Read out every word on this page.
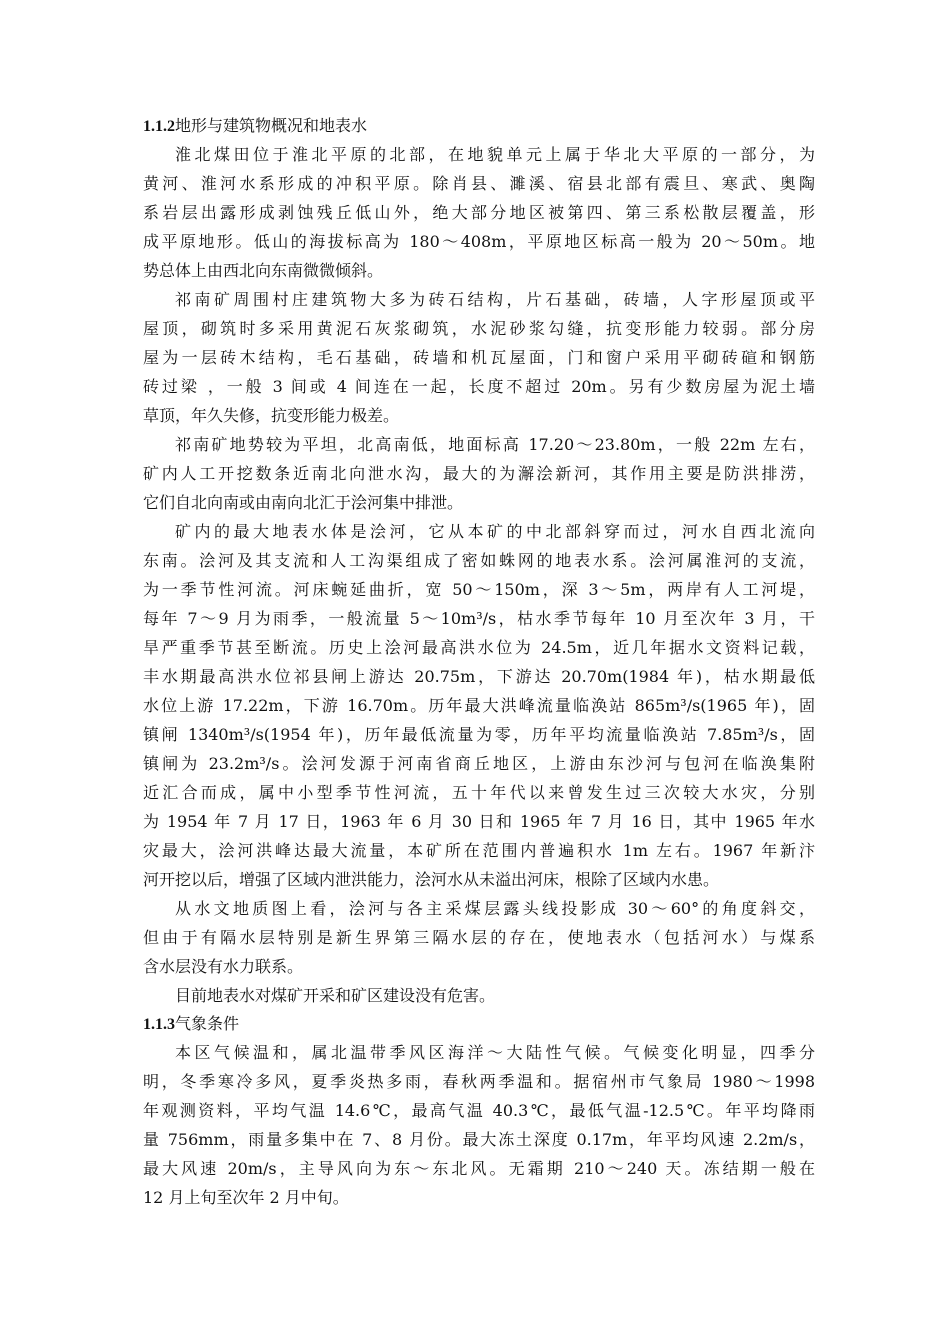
1.1.2地形与建筑物概况和地表水

淮北煤田位于淮北平原的北部，在地貌单元上属于华北大平原的一部分，为
黄河、淮河水系形成的冲积平原。除肖县、濉溪、宿县北部有震旦、寒武、奥陶
系岩层出露形成剥蚀残丘低山外，绝大部分地区被第四、第三系松散层覆盖，形
成平原地形。低山的海拔标高为 180～408m，平原地区标高一般为 20～50m。地
势总体上由西北向东南微微倾斜。

祁南矿周围村庄建筑物大多为砖石结构，片石基础，砖墙，人字形屋顶或平
屋顶，砌筑时多采用黄泥石灰浆砌筑，水泥砂浆勾缝，抗变形能力较弱。部分房
屋为一层砖木结构，毛石基础，砖墙和机瓦屋面，门和窗户采用平砌砖碹和钢筋
砖过梁 ，一般 3 间或 4 间连在一起，长度不超过 20m。另有少数房屋为泥土墙
草顶，年久失修，抗变形能力极差。

祁南矿地势较为平坦，北高南低，地面标高 17.20～23.80m，一般 22m 左右，
矿内人工开挖数条近南北向泄水沟，最大的为澥浍新河，其作用主要是防洪排涝，
它们自北向南或由南向北汇于浍河集中排泄。

矿内的最大地表水体是浍河，它从本矿的中北部斜穿而过，河水自西北流向
东南。浍河及其支流和人工沟渠组成了密如蛛网的地表水系。浍河属淮河的支流，
为一季节性河流。河床蜿延曲折，宽 50～150m，深 3～5m，两岸有人工河堤，
每年 7～9 月为雨季，一般流量 5～10m³/s，枯水季节每年 10 月至次年 3 月，干
旱严重季节甚至断流。历史上浍河最高洪水位为 24.5m，近几年据水文资料记载，
丰水期最高洪水位祁县闸上游达 20.75m，下游达 20.70m(1984 年)，枯水期最低
水位上游 17.22m，下游 16.70m。历年最大洪峰流量临涣站 865m³/s(1965 年)，固
镇闸 1340m³/s(1954 年)，历年最低流量为零，历年平均流量临涣站 7.85m³/s，固
镇闸为 23.2m³/s。浍河发源于河南省商丘地区，上游由东沙河与包河在临涣集附
近汇合而成，属中小型季节性河流，五十年代以来曾发生过三次较大水灾，分别
为 1954 年 7 月 17 日，1963 年 6 月 30 日和 1965 年 7 月 16 日，其中 1965 年水
灾最大，浍河洪峰达最大流量，本矿所在范围内普遍积水 1m 左右。1967 年新汴
河开挖以后，增强了区域内泄洪能力，浍河水从未溢出河床，根除了区域内水患。

从水文地质图上看，浍河与各主采煤层露头线投影成 30～60°的角度斜交，
但由于有隔水层特别是新生界第三隔水层的存在，使地表水（包括河水）与煤系
含水层没有水力联系。

目前地表水对煤矿开采和矿区建设没有危害。

1.1.3气象条件

本区气候温和，属北温带季风区海洋～大陆性气候。气候变化明显，四季分
明，冬季寒冷多风，夏季炎热多雨，春秋两季温和。据宿州市气象局 1980～1998
年观测资料，平均气温 14.6℃，最高气温 40.3℃，最低气温-12.5℃。年平均降雨
量 756mm，雨量多集中在 7、8 月份。最大冻土深度 0.17m，年平均风速 2.2m/s，
最大风速 20m/s，主导风向为东～东北风。无霜期 210～240 天。冻结期一般在
12 月上旬至次年 2 月中旬。
